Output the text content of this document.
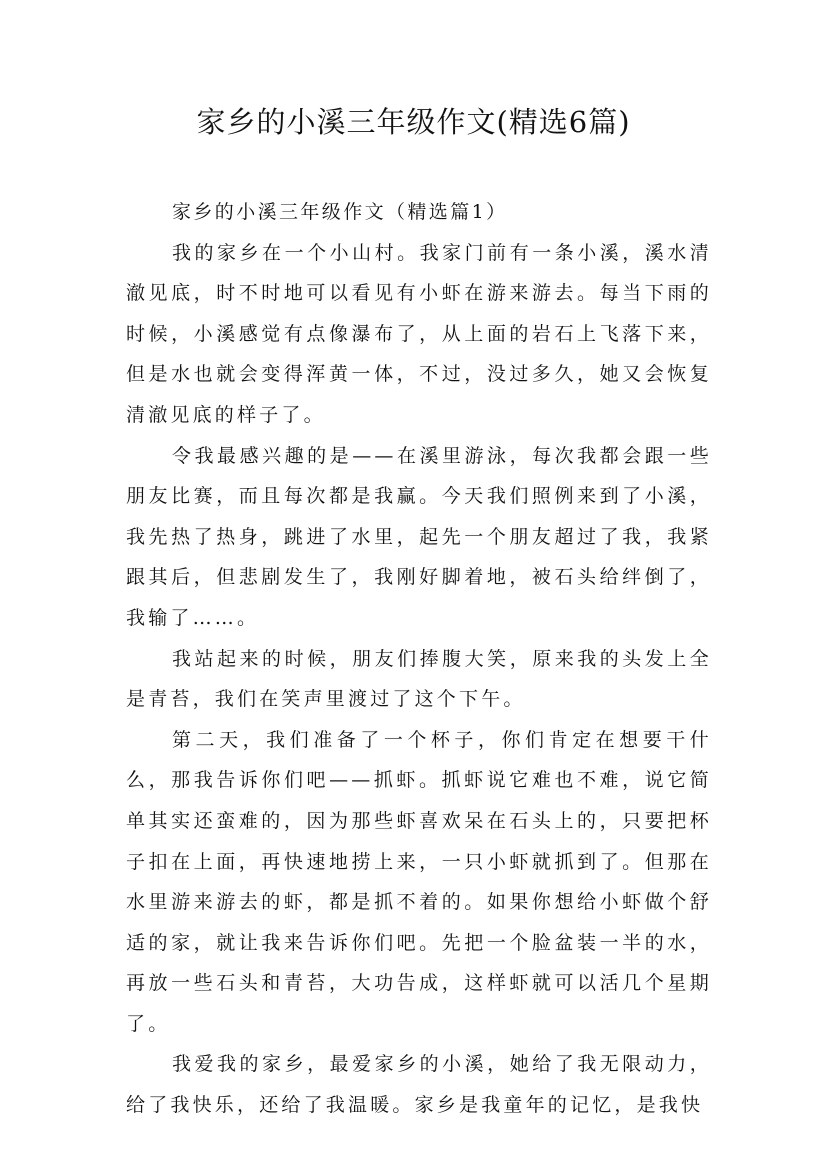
家乡的小溪三年级作文(精选6篇)

家乡的小溪三年级作文（精选篇1）

我的家乡在一个小山村。我家门前有一条小溪，溪水清澈见底，时不时地可以看见有小虾在游来游去。每当下雨的时候，小溪感觉有点像瀑布了，从上面的岩石上飞落下来，但是水也就会变得浑黄一体，不过，没过多久，她又会恢复清澈见底的样子了。

令我最感兴趣的是——在溪里游泳，每次我都会跟一些朋友比赛，而且每次都是我赢。今天我们照例来到了小溪，我先热了热身，跳进了水里，起先一个朋友超过了我，我紧跟其后，但悲剧发生了，我刚好脚着地，被石头给绊倒了，我输了……。

我站起来的时候，朋友们捧腹大笑，原来我的头发上全是青苔，我们在笑声里渡过了这个下午。

第二天，我们准备了一个杯子，你们肯定在想要干什么，那我告诉你们吧——抓虾。抓虾说它难也不难，说它简单其实还蛮难的，因为那些虾喜欢呆在石头上的，只要把杯子扣在上面，再快速地捞上来，一只小虾就抓到了。但那在水里游来游去的虾，都是抓不着的。如果你想给小虾做个舒适的家，就让我来告诉你们吧。先把一个脸盆装一半的水，再放一些石头和青苔，大功告成，这样虾就可以活几个星期了。

我爱我的家乡，最爱家乡的小溪，她给了我无限动力，给了我快乐，还给了我温暖。家乡是我童年的记忆，是我快
